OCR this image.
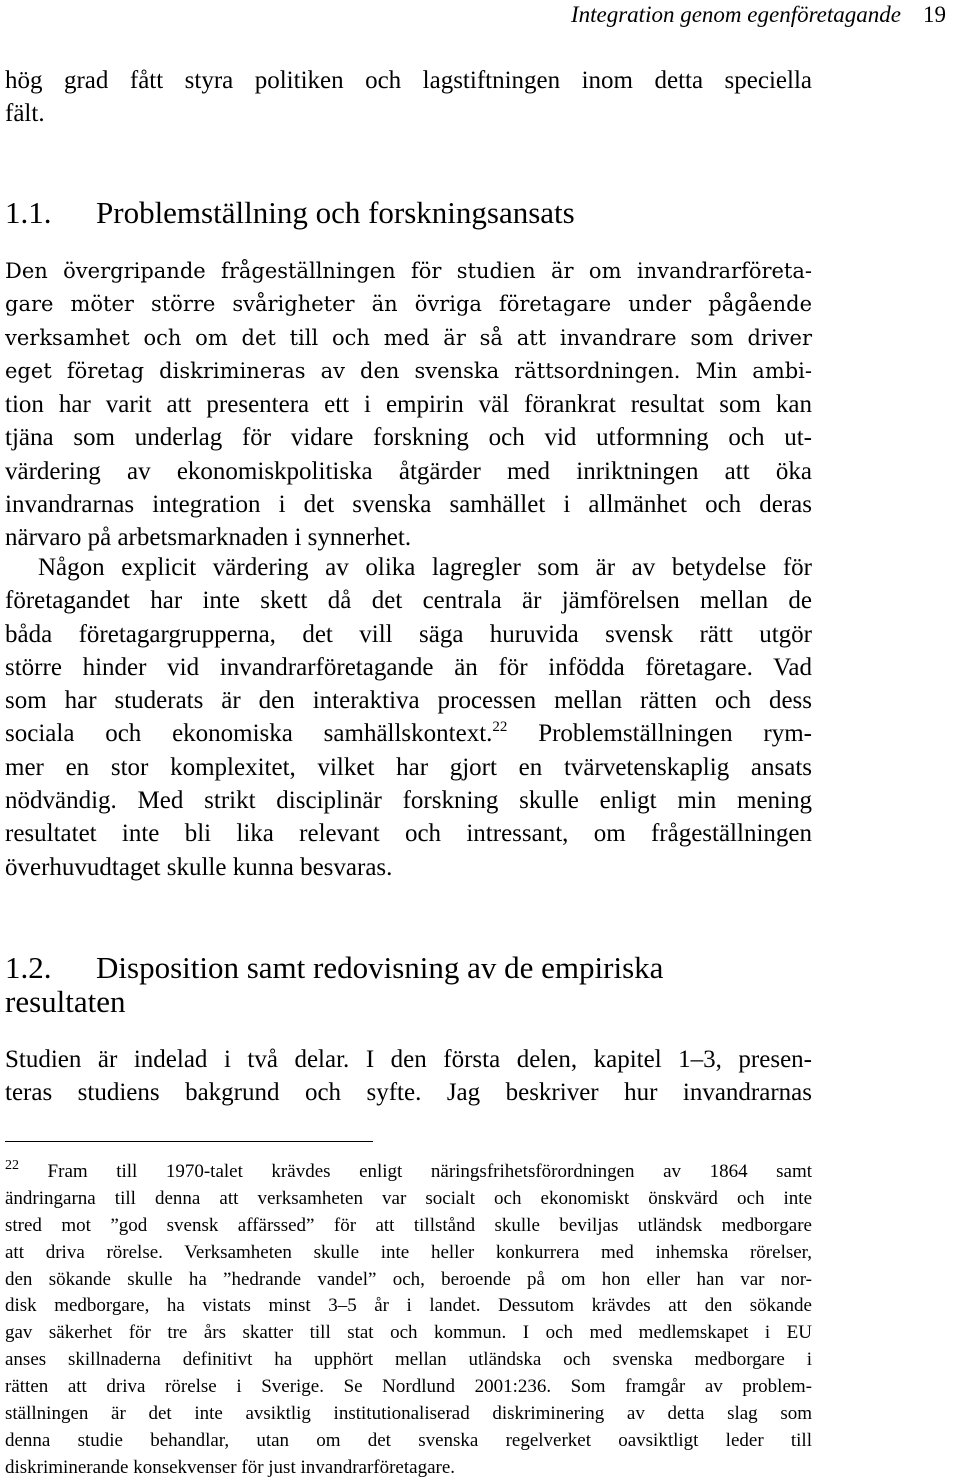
Integration genom egenföretagande 19
hög grad fått styra politiken och lagstiftningen inom detta speciella
fält.
1.1. Problemställning och forskningsansats
Den övergripande frågeställningen för studien är om invandrarföreta-
gare möter större svårigheter än övriga företagare under pågående
verksamhet och om det till och med är så att invandrare som driver
eget företag diskrimineras av den svenska rättsordningen. Min ambi-
tion har varit att presentera ett i empirin väl förankrat resultat som kan
tjäna som underlag för vidare forskning och vid utformning och ut-
värdering av ekonomiskpolitiska åtgärder med inriktningen att öka
invandrarnas integration i det svenska samhället i allmänhet och deras
närvaro på arbetsmarknaden i synnerhet.
Någon explicit värdering av olika lagregler som är av betydelse för
företagandet har inte skett då det centrala är jämförelsen mellan de
båda företagargrupperna, det vill säga huruvida svensk rätt utgör
större hinder vid invandrarföretagande än för infödda företagare. Vad
som har studerats är den interaktiva processen mellan rätten och dess
sociala och ekonomiska samhällskontext.$^{22}$ Problemställningen rym-
mer en stor komplexitet, vilket har gjort en tvärvetenskaplig ansats
nödvändig. Med strikt disciplinär forskning skulle enligt min mening
resultatet inte bli lika relevant och intressant, om frågeställningen
överhuvudtaget skulle kunna besvaras.
1.2. Disposition samt redovisning av de empiriska
resultaten
Studien är indelad i två delar. I den första delen, kapitel 1–3, presen-
teras studiens bakgrund och syfte. Jag beskriver hur invandrarnas
$^{22}$ Fram till 1970-talet krävdes enligt näringsfrihetsförordningen av 1864 samt
ändringarna till denna att verksamheten var socialt och ekonomiskt önskvärd och inte
stred mot ”god svensk affärssed” för att tillstånd skulle beviljas utländsk medborgare
att driva rörelse. Verksamheten skulle inte heller konkurrera med inhemska rörelser,
den sökande skulle ha ”hedrande vandel” och, beroende på om hon eller han var nor-
disk medborgare, ha vistats minst 3–5 år i landet. Dessutom krävdes att den sökande
gav säkerhet för tre års skatter till stat och kommun. I och med medlemskapet i EU
anses skillnaderna definitivt ha upphört mellan utländska och svenska medborgare i
rätten att driva rörelse i Sverige. Se Nordlund 2001:236. Som framgår av problem-
ställningen är det inte avsiktlig institutionaliserad diskriminering av detta slag som
denna studie behandlar, utan om det svenska regelverket oavsiktligt leder till
diskriminerande konsekvenser för just invandrarföretagare.
